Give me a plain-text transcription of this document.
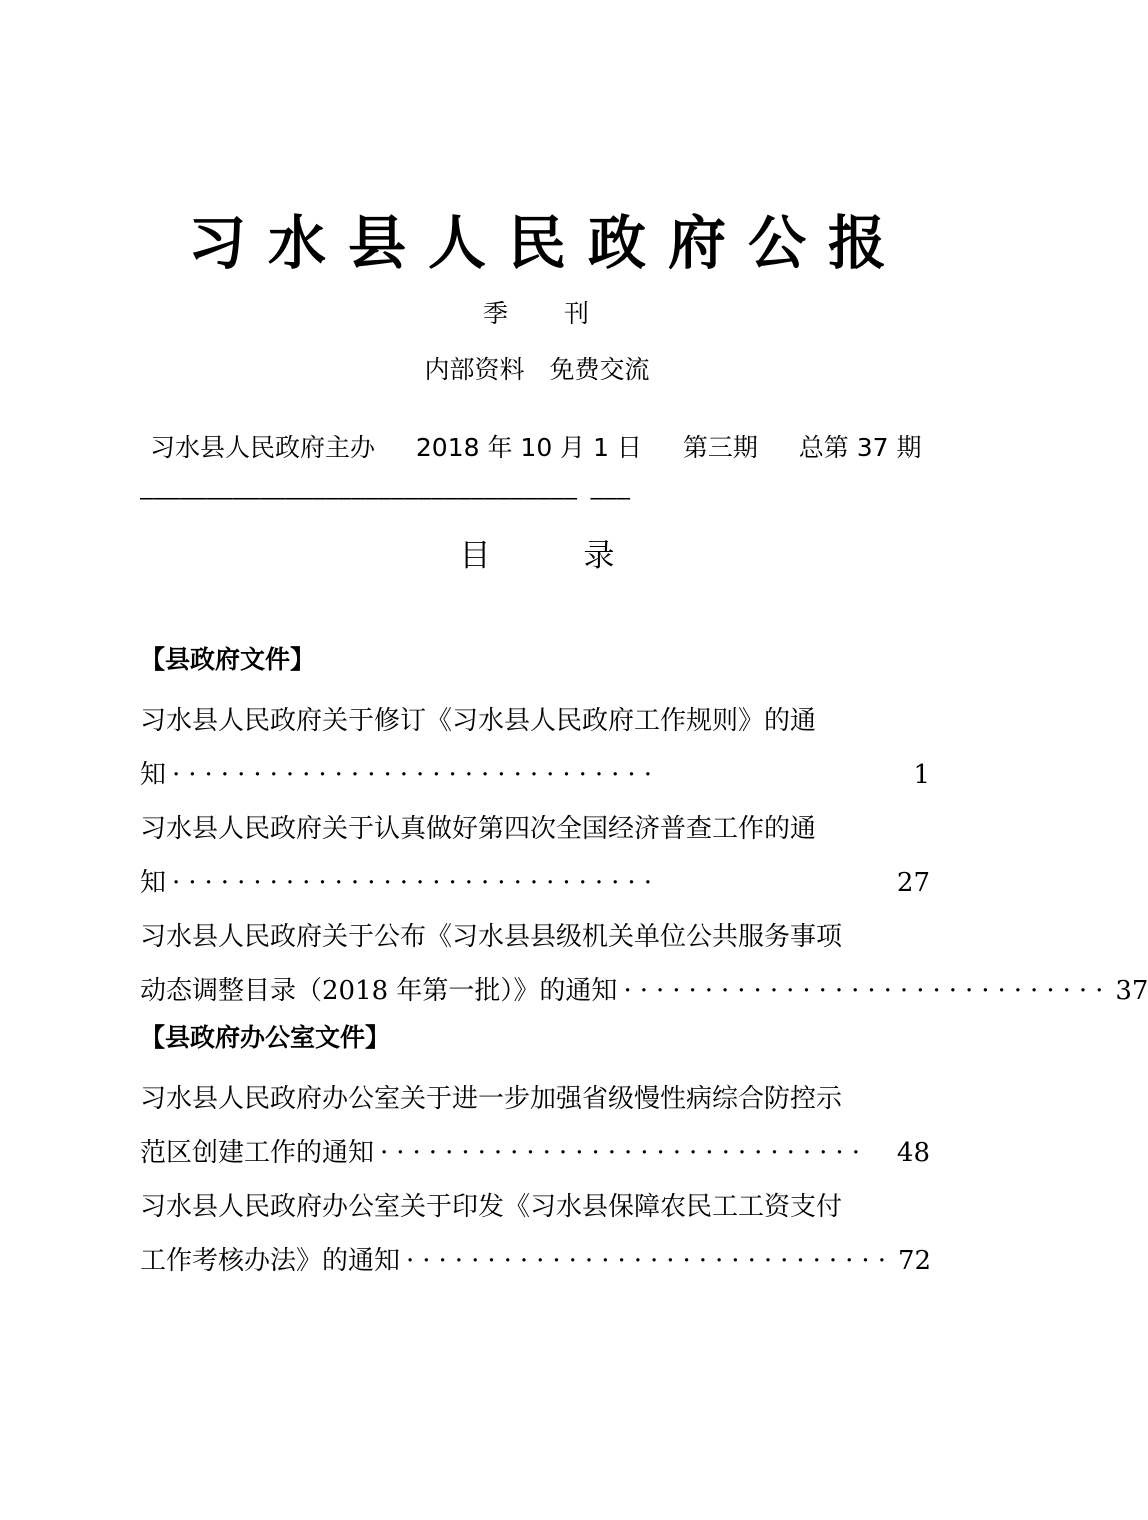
习水县人民政府公报
季　　刊
内部资料　免费交流
习水县人民政府主办　  2018 年 10 月 1 日　  第三期　  总第 37 期
————————————————————————————————— ———
目　　　录
【县政府文件】
习水县人民政府关于修订《习水县人民政府工作规则》的通
知 ······························	1
习水县人民政府关于认真做好第四次全国经济普查工作的通
知 ······························	27
习水县人民政府关于公布《习水县县级机关单位公共服务事项
动态调整目录（2018 年第一批）》的通知 ······························ 37
【县政府办公室文件】
习水县人民政府办公室关于进一步加强省级慢性病综合防控示
范区创建工作的通知 ······························	48
习水县人民政府办公室关于印发《习水县保障农民工工资支付
工作考核办法》的通知 ······························ 72
